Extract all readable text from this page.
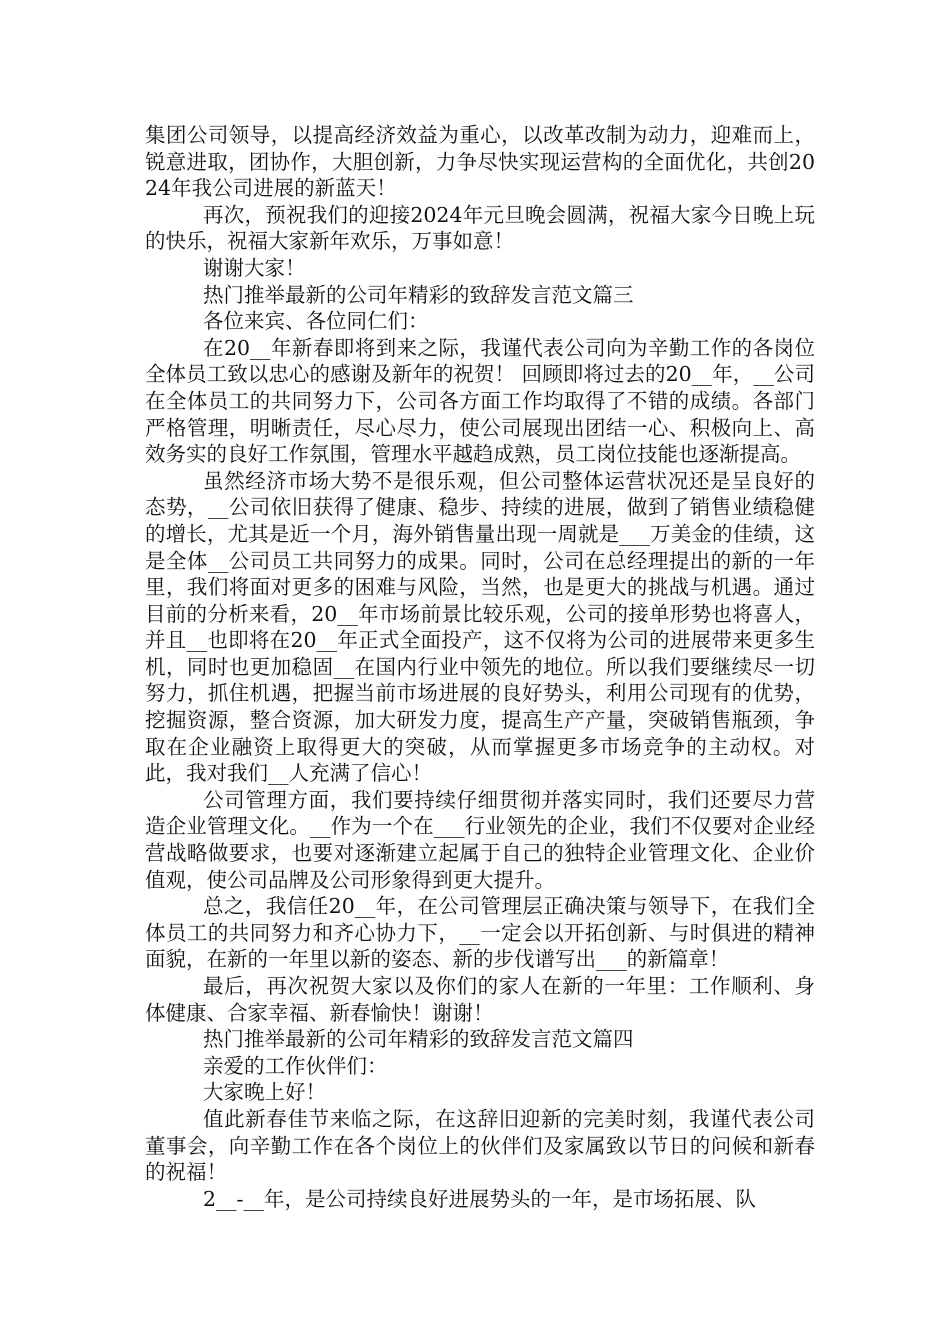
集团公司领导，以提高经济效益为重心，以改革改制为动力，迎难而上，锐意进取，团协作，大胆创新，力争尽快实现运营构的全面优化，共创2024年我公司进展的新蓝天！

再次，预祝我们的迎接2024年元旦晚会圆满，祝福大家今日晚上玩的快乐，祝福大家新年欢乐，万事如意！

谢谢大家！

热门推举最新的公司年精彩的致辞发言范文篇三

各位来宾、各位同仁们：

在20__年新春即将到来之际，我谨代表公司向为辛勤工作的各岗位全体员工致以忠心的感谢及新年的祝贺！ 回顾即将过去的20__年，__公司在全体员工的共同努力下，公司各方面工作均取得了不错的成绩。各部门严格管理，明晰责任，尽心尽力，使公司展现出团结一心、积极向上、高效务实的良好工作氛围，管理水平越趋成熟，员工岗位技能也逐渐提高。

虽然经济市场大势不是很乐观，但公司整体运营状况还是呈良好的态势，__公司依旧获得了健康、稳步、持续的进展，做到了销售业绩稳健的增长，尤其是近一个月，海外销售量出现一周就是___万美金的佳绩，这是全体__公司员工共同努力的成果。同时，公司在总经理提出的新的一年里，我们将面对更多的困难与风险，当然，也是更大的挑战与机遇。通过目前的分析来看，20__年市场前景比较乐观，公司的接单形势也将喜人，并且__也即将在20__年正式全面投产，这不仅将为公司的进展带来更多生机，同时也更加稳固__在国内行业中领先的地位。所以我们要继续尽一切努力，抓住机遇，把握当前市场进展的良好势头，利用公司现有的优势，挖掘资源，整合资源，加大研发力度，提高生产产量，突破销售瓶颈，争取在企业融资上取得更大的突破，从而掌握更多市场竞争的主动权。对此，我对我们__人充满了信心！

公司管理方面，我们要持续仔细贯彻并落实同时，我们还要尽力营造企业管理文化。__作为一个在___行业领先的企业，我们不仅要对企业经营战略做要求，也要对逐渐建立起属于自己的独特企业管理文化、企业价值观，使公司品牌及公司形象得到更大提升。

总之，我信任20__年，在公司管理层正确决策与领导下，在我们全体员工的共同努力和齐心协力下，__一定会以开拓创新、与时俱进的精神面貌，在新的一年里以新的姿态、新的步伐谱写出___的新篇章！

最后，再次祝贺大家以及你们的家人在新的一年里：工作顺利、身体健康、合家幸福、新春愉快！谢谢！

热门推举最新的公司年精彩的致辞发言范文篇四

亲爱的工作伙伴们：

大家晚上好！

值此新春佳节来临之际，在这辞旧迎新的完美时刻，我谨代表公司董事会，向辛勤工作在各个岗位上的伙伴们及家属致以节日的问候和新春的祝福！

2__-__年，是公司持续良好进展势头的一年，是市场拓展、队
